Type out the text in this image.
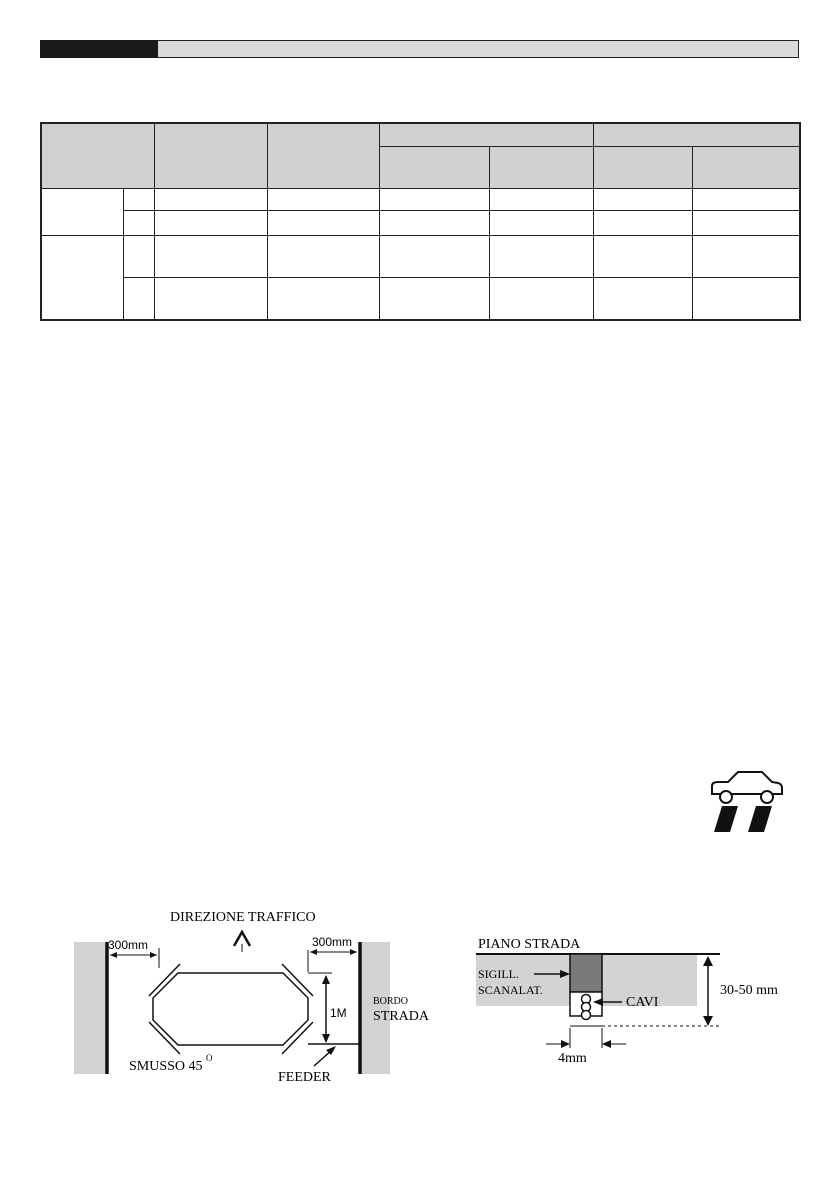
300mm	300mm
1M
DIREZIONE TRAFFICO
BORDO
STRADA
SMUSSO 45
O
FEEDER
PIANO STRADA
SIGILL.
SCANALAT.
CAVI
30-50 mm
4mm
